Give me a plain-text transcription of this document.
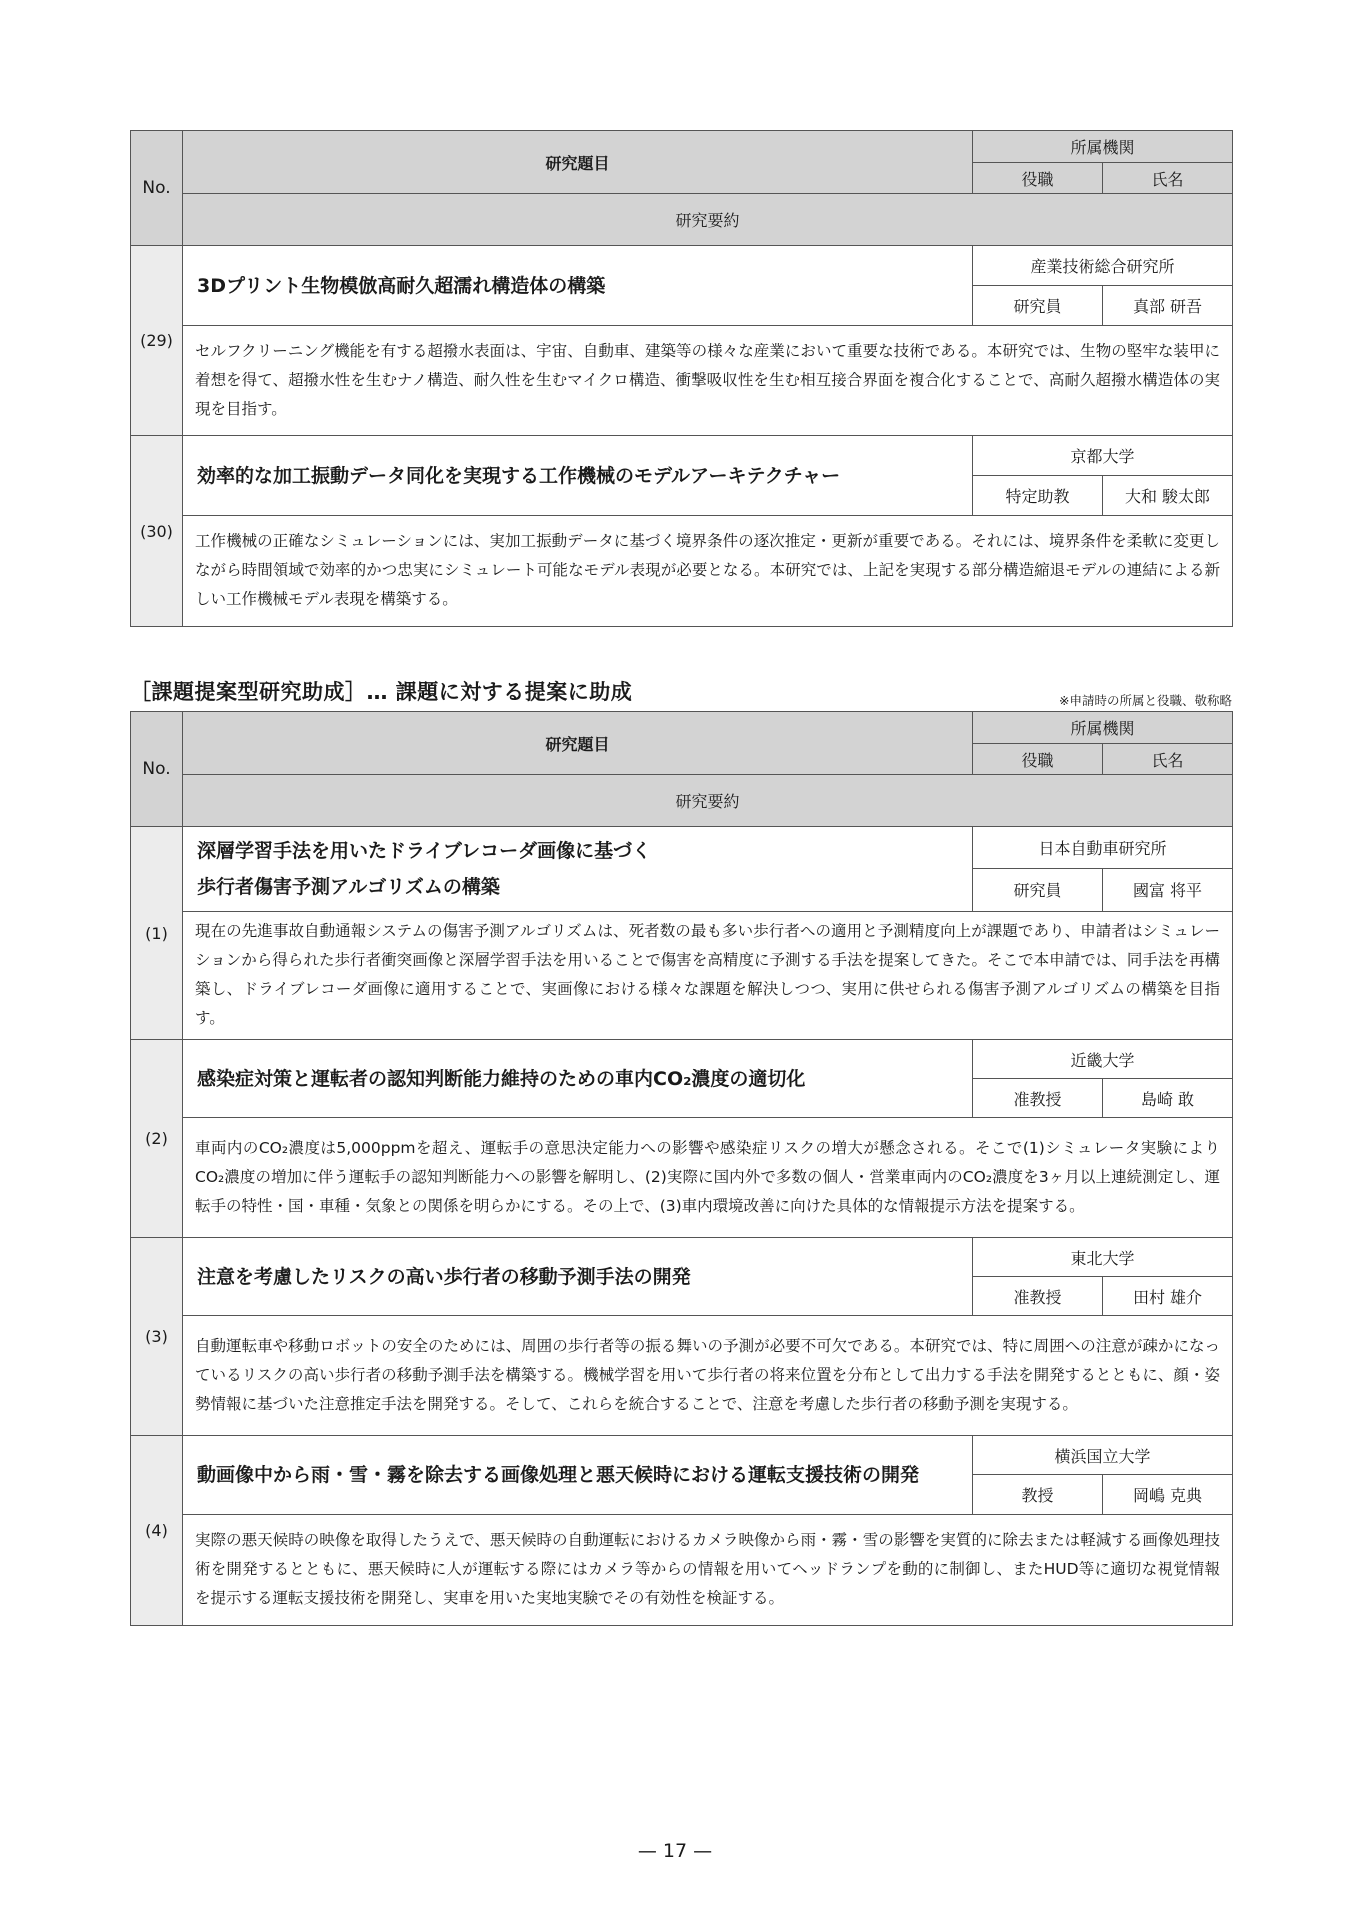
No.	研究題目	所属機関	
		役職	氏名
	研究要約		
(29)	3Dプリント生物模倣高耐久超濡れ構造体の構築	産業技術総合研究所	
		研究員	真部 研吾
	セルフクリーニング機能を有する超撥水表面は、宇宙、自動車、建築等の様々な産業において重要な技術である。本研究では、生物の堅牢な装甲に着想を得て、超撥水性を生むナノ構造、耐久性を生むマイクロ構造、衝撃吸収性を生む相互接合界面を複合化することで、高耐久超撥水構造体の実現を目指す。		
(30)	効率的な加工振動データ同化を実現する工作機械のモデルアーキテクチャー	京都大学	
		特定助教	大和 駿太郎
	工作機械の正確なシミュレーションには、実加工振動データに基づく境界条件の逐次推定・更新が重要である。それには、境界条件を柔軟に変更しながら時間領域で効率的かつ忠実にシミュレート可能なモデル表現が必要となる。本研究では、上記を実現する部分構造縮退モデルの連結による新しい工作機械モデル表現を構築する。		
［課題提案型研究助成］… 課題に対する提案に助成	※申請時の所属と役職、敬称略
No.	研究題目	所属機関	
		役職	氏名
	研究要約		
(1)	深層学習手法を用いたドライブレコーダ画像に基づく
歩行者傷害予測アルゴリズムの構築	日本自動車研究所	
		研究員	國富 将平
	現在の先進事故自動通報システムの傷害予測アルゴリズムは、死者数の最も多い歩行者への適用と予測精度向上が課題であり、申請者はシミュレーションから得られた歩行者衝突画像と深層学習手法を用いることで傷害を高精度に予測する手法を提案してきた。そこで本申請では、同手法を再構築し、ドライブレコーダ画像に適用することで、実画像における様々な課題を解決しつつ、実用に供せられる傷害予測アルゴリズムの構築を目指す。		
(2)	感染症対策と運転者の認知判断能力維持のための車内CO₂濃度の適切化	近畿大学	
		准教授	島崎 敢
	車両内のCO₂濃度は5,000ppmを超え、運転手の意思決定能力への影響や感染症リスクの増大が懸念される。そこで(1)シミュレータ実験によりCO₂濃度の増加に伴う運転手の認知判断能力への影響を解明し、(2)実際に国内外で多数の個人・営業車両内のCO₂濃度を3ヶ月以上連続測定し、運転手の特性・国・車種・気象との関係を明らかにする。その上で、(3)車内環境改善に向けた具体的な情報提示方法を提案する。		
(3)	注意を考慮したリスクの高い歩行者の移動予測手法の開発	東北大学	
		准教授	田村 雄介
	自動運転車や移動ロボットの安全のためには、周囲の歩行者等の振る舞いの予測が必要不可欠である。本研究では、特に周囲への注意が疎かになっているリスクの高い歩行者の移動予測手法を構築する。機械学習を用いて歩行者の将来位置を分布として出力する手法を開発するとともに、顔・姿勢情報に基づいた注意推定手法を開発する。そして、これらを統合することで、注意を考慮した歩行者の移動予測を実現する。		
(4)	動画像中から雨・雪・霧を除去する画像処理と悪天候時における運転支援技術の開発	横浜国立大学	
		教授	岡嶋 克典
	実際の悪天候時の映像を取得したうえで、悪天候時の自動運転におけるカメラ映像から雨・霧・雪の影響を実質的に除去または軽減する画像処理技術を開発するとともに、悪天候時に人が運転する際にはカメラ等からの情報を用いてヘッドランプを動的に制御し、またHUD等に適切な視覚情報を提示する運転支援技術を開発し、実車を用いた実地実験でその有効性を検証する。		
— 17 —
